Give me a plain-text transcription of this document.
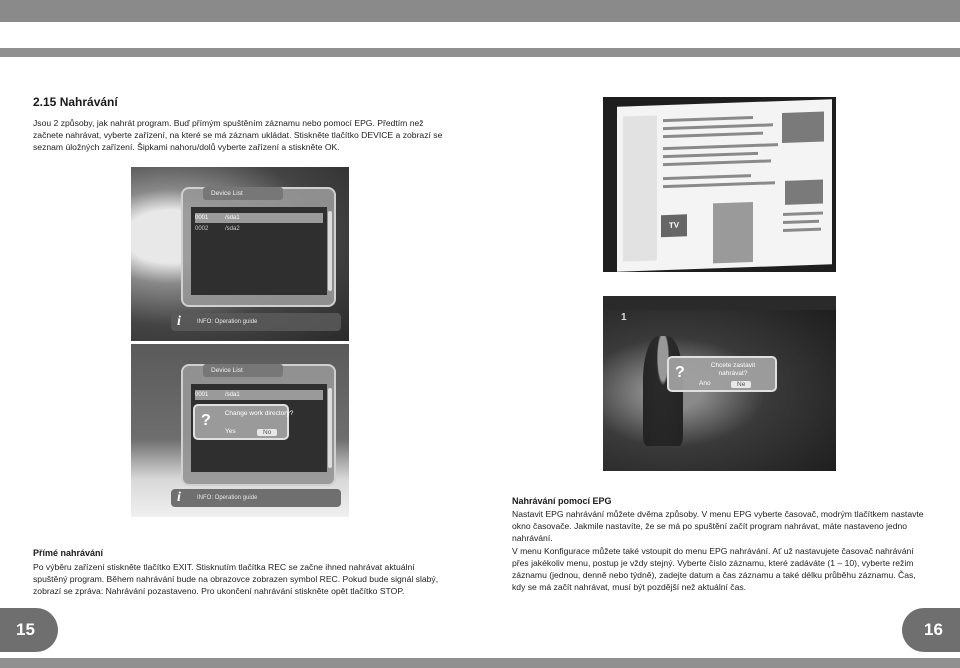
2.15 Nahrávání
Jsou 2 způsoby, jak nahrát program. Buď přímým spuštěním záznamu nebo pomocí EPG. Předtím než začnete nahrávat, vyberte zařízení, na které se má záznam ukládat. Stiskněte tlačítko DEVICE a zobrazí se seznam úložných zařízení. Šipkami nahoru/dolů vyberte zařízení a stiskněte OK.
Device List
0001	/sda1
0002	/sda2
i	INFO: Operation guide
Device List
0001	/sda1
? Change work directory?
Yes	No
i	INFO: Operation guide
TV
1
?	Chcete zastavit nahrávat?
Ano	Ne
Přímé nahrávání
Po výběru zařízení stiskněte tlačítko EXIT. Stisknutím tlačítka REC se začne ihned nahrávat aktuální spuštěný program. Během nahrávání bude na obrazovce zobrazen symbol REC. Pokud bude signál slabý, zobrazí se zpráva: Nahrávání pozastaveno. Pro ukončení nahrávání stiskněte opět tlačítko STOP.
Nahrávání pomocí EPG
Nastavit EPG nahrávání můžete dvěma způsoby. V menu EPG vyberte časovač, modrým tlačítkem nastavte okno časovače. Jakmile nastavíte, že se má po spuštění začít program nahrávat, máte nastaveno jedno nahrávání.
V menu Konfigurace můžete také vstoupit do menu EPG nahrávání. Ať už nastavujete časovač nahrávání přes jakékoliv menu, postup je vždy stejný. Vyberte číslo záznamu, které zadáváte (1 – 10), vyberte režim záznamu (jednou, denně nebo týdně), zadejte datum a čas záznamu a také délku průběhu záznamu. Čas, kdy se má začít nahrávat, musí být pozdější než aktuální čas.
15	16
